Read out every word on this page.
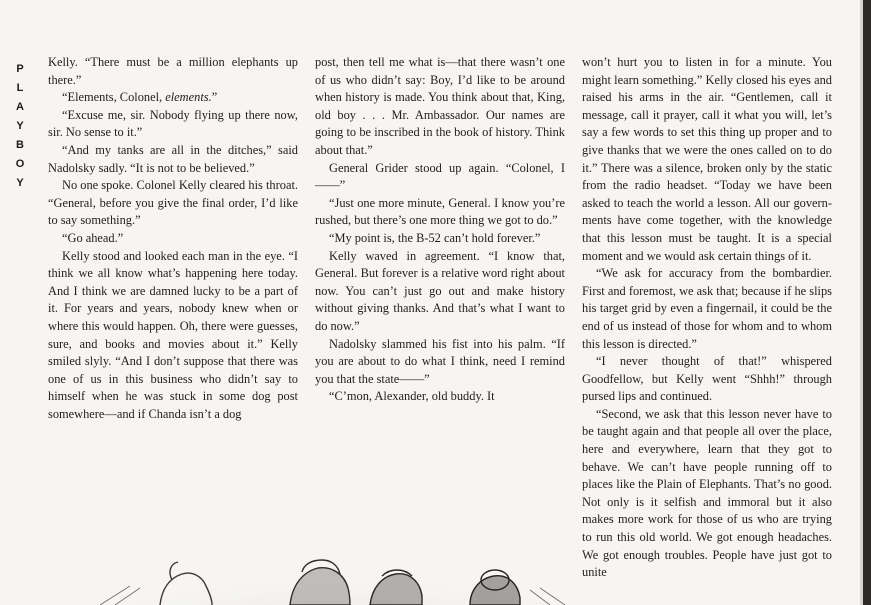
P
L
A
Y
B
O
Y

Kelly. “There must be a million elephants up there.”

“Elements, Colonel, elements.”

“Excuse me, sir. Nobody flying up there now, sir. No sense to it.”

“And my tanks are all in the ditches,” said Nadolsky sadly. “It is not to be believed.”

No one spoke. Colonel Kelly cleared his throat. “General, before you give the final order, I’d like to say something.”

“Go ahead.”

Kelly stood and looked each man in the eye. “I think we all know what’s happening here today. And I think we are damned lucky to be a part of it. For years and years, nobody knew when or where this would happen. Oh, there were guesses, sure, and books and movies about it.” Kelly smiled slyly. “And I don’t suppose that there was one of us in this business who didn’t say to himself when he was stuck in some dog post somewhere—and if Chanda isn’t a dog

post, then tell me what is—that there wasn’t one of us who didn’t say: Boy, I’d like to be around when history is made. You think about that, King, old boy . . . Mr. Ambassador. Our names are going to be inscribed in the book of history. Think about that.”

General Grider stood up again. “Colonel, I——”

“Just one more minute, General. I know you’re rushed, but there’s one more thing we got to do.”

“My point is, the B-52 can’t hold forever.”

Kelly waved in agreement. “I know that, General. But forever is a relative word right about now. You can’t just go out and make history without giving thanks. And that’s what I want to do now.”

Nadolsky slammed his fist into his palm. “If you are about to do what I think, need I remind you that the state——”

“C’mon, Alexander, old buddy. It

won’t hurt you to listen in for a minute. You might learn something.” Kelly closed his eyes and raised his arms in the air. “Gentlemen, call it message, call it prayer, call it what you will, let’s say a few words to set this thing up proper and to give thanks that we were the ones called on to do it.” There was a silence, broken only by the static from the radio headset. “Today we have been asked to teach the world a lesson. All our governments have come together, with the knowledge that this lesson must be taught. It is a special moment and we would ask certain things of it.

“We ask for accuracy from the bombardier. First and foremost, we ask that; because if he slips his target grid by even a fingernail, it could be the end of us instead of those for whom and to whom this lesson is directed.”

“I never thought of that!” whispered Goodfellow, but Kelly went “Shhh!” through pursed lips and continued.

“Second, we ask that this lesson never have to be taught again and that people all over the place, here and everywhere, learn that they got to behave. We can’t have people running off to places like the Plain of Elephants. That’s no good. Not only is it selfish and immoral but it also makes more work for those of us who are trying to run this old world. We got enough headaches. We got enough troubles. People have just got to unite
